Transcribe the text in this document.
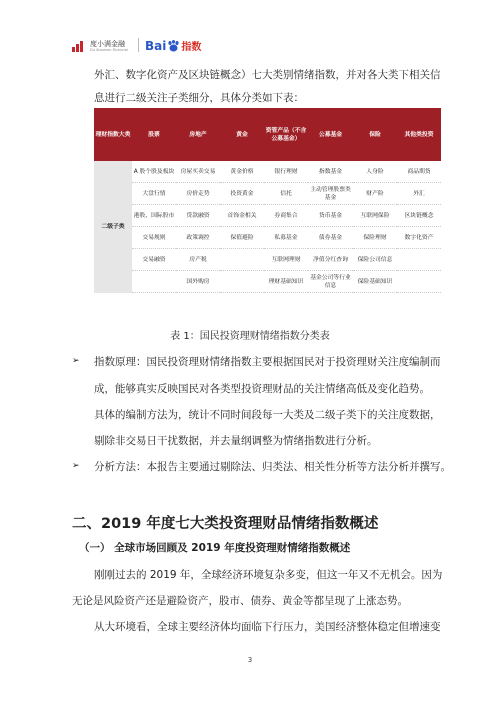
度小满金融
Du Xiaoman Financial Bai 指数
外汇、数字化资产及区块链概念）七大类别情绪指数，并对各大类下相关信
息进行二级关注子类细分，具体分类如下表：
理财指数大类	股票	房地产	黄金	资管产品（不含公募基金）	公募基金	保险	其他类投资
二级子类	A 股个股及板块	房屋买卖交易	黄金价格	银行理财	指数基金	人身险	商品期货
	大盘行情	房价走势	投资黄金	信托	主动管理股票类基金	财产险	外汇
	港股、国际股市	贷款融资	首饰金相关	券商集合	货币基金	互联网保险	区块链概念
	交易规则	政策调控	保值避险	私募基金	债券基金	保险理财	数字化资产
	交易融资	房产税		互联网理财	净值分红查询	保险公司信息	
		国外购房		理财基础知识	基金公司等行业信息	保险基础知识	
表 1：国民投资理财情绪指数分类表
➢ 指数原理：国民投资理财情绪指数主要根据国民对于投资理财关注度编制而
成，能够真实反映国民对各类型投资理财品的关注情绪高低及变化趋势。
具体的编制方法为，统计不同时间段每一大类及二级子类下的关注度数据，
剔除非交易日干扰数据，并去量纲调整为情绪指数进行分析。
➢ 分析方法：本报告主要通过剔除法、归类法、相关性分析等方法分析并撰写。
二、2019 年度七大类投资理财品情绪指数概述
（一） 全球市场回顾及 2019 年度投资理财情绪指数概述
刚刚过去的 2019 年，全球经济环境复杂多变，但这一年又不无机会。因为
无论是风险资产还是避险资产，股市、债券、黄金等都呈现了上涨态势。
从大环境看，全球主要经济体均面临下行压力，美国经济整体稳定但增速变
3
